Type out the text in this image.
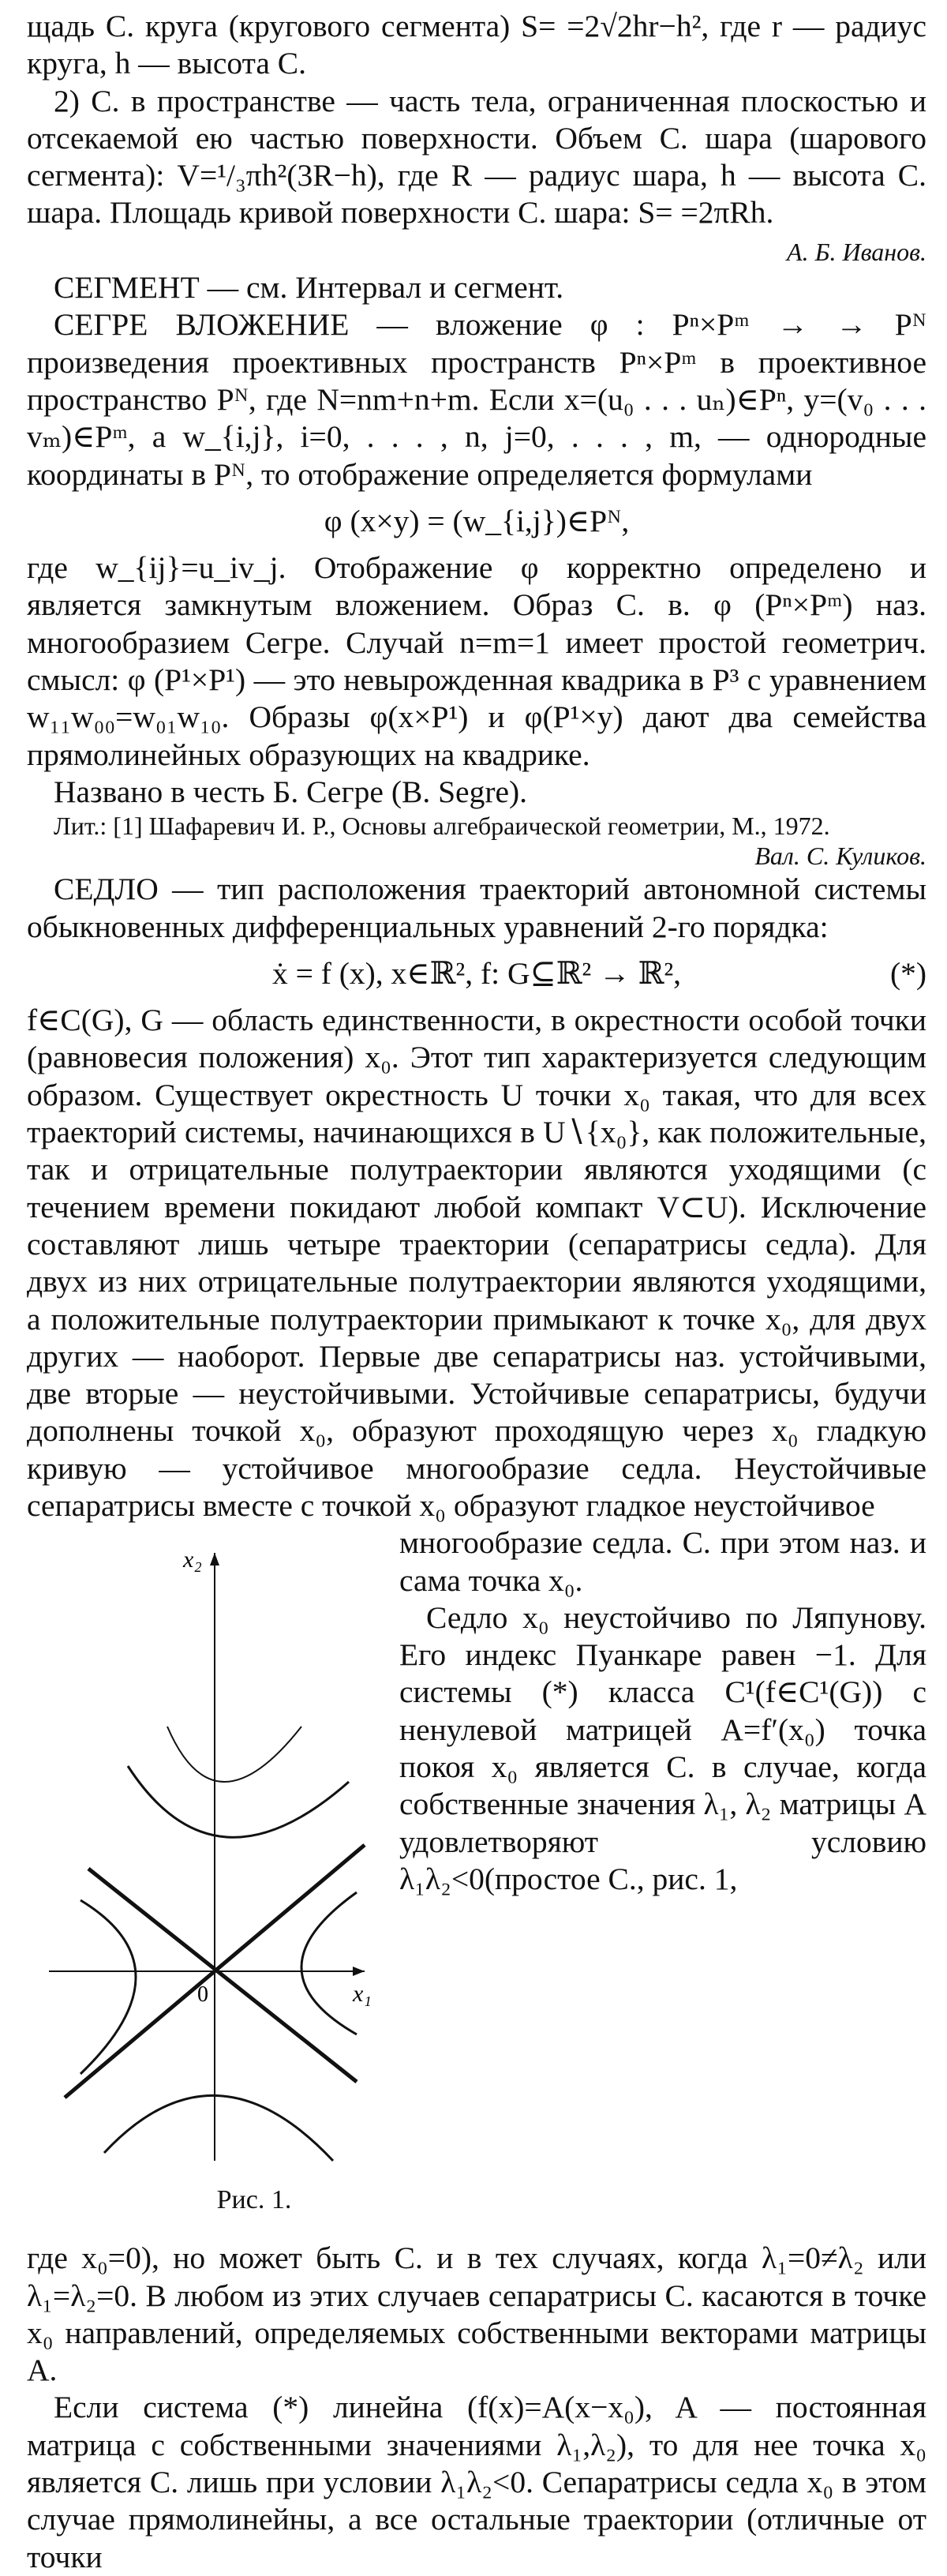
щадь С. круга (кругового сегмента) S= =2√2hr−h², где r — радиус круга, h — высота С.

2) С. в пространстве — часть тела, ограниченная плоскостью и отсекаемой ею частью поверхности. Объем С. шара (шарового сегмента): V=¹/₃πh²(3R−h), где R — радиус шара, h — высота С. шара. Площадь кривой поверхности С. шара: S= =2πRh.

А. Б. Иванов.

СЕГМЕНТ — см. Интервал и сегмент.

СЕГРЕ ВЛОЖЕНИЕ — вложение φ : Pⁿ×Pᵐ → → Pᴺ произведения проективных пространств Pⁿ×Pᵐ в проективное пространство Pᴺ, где N=nm+n+m. Если x=(u₀ . . . uₙ)∈Pⁿ, y=(v₀ . . . vₘ)∈Pᵐ, а w_{i,j}, i=0, . . . , n, j=0, . . . , m, — однородные координаты в Pᴺ, то отображение определяется формулами

φ (x×y) = (w_{i,j})∈Pᴺ,

где w_{ij}=u_iv_j. Отображение φ корректно определено и является замкнутым вложением. Образ С. в. φ (Pⁿ×Pᵐ) наз. многообразием Сегре. Случай n=m=1 имеет простой геометрич. смысл: φ (P¹×P¹) — это невырожденная квадрика в P³ с уравнением w₁₁w₀₀=w₀₁w₁₀. Образы φ(x×P¹) и φ(P¹×y) дают два семейства прямолинейных образующих на квадрике.

Названо в честь Б. Сегре (B. Segre).

Лит.: [1] Шафаревич И. Р., Основы алгебраической геометрии, М., 1972.
Вал. С. Куликов.

СЕДЛО — тип расположения траекторий автономной системы обыкновенных дифференциальных уравнений 2-го порядка:

ẋ = f (x), x∈ℝ², f: G⊆ℝ² → ℝ²,	(*)

f∈C(G), G — область единственности, в окрестности особой точки (равновесия положения) x₀. Этот тип характеризуется следующим образом. Существует окрестность U точки x₀ такая, что для всех траекторий системы, начинающихся в U∖{x₀}, как положительные, так и отрицательные полутраектории являются уходящими (с течением времени покидают любой компакт V⊂U). Исключение составляют лишь четыре траектории (сепаратрисы седла). Для двух из них отрицательные полутраектории являются уходящими, а положительные полутраектории примыкают к точке x₀, для двух других — наоборот. Первые две сепаратрисы наз. устойчивыми, две вторые — неустойчивыми. Устойчивые сепаратрисы, будучи дополнены точкой x₀, образуют проходящую через x₀ гладкую кривую — устойчивое многообразие седла. Неустойчивые сепаратрисы вместе с точкой x₀ образуют гладкое неустойчивое

x₁
x₂
0
Рис. 1.

многообразие седла. С. при этом наз. и сама точка x₀.

Седло x₀ неустойчиво по Ляпунову. Его индекс Пуанкаре равен −1. Для системы (*) класса C¹(f∈C¹(G)) с ненулевой матрицей A=f′(x₀) точка покоя x₀ является С. в случае, когда собственные значения λ₁, λ₂ матрицы A удовлетворяют условию λ₁λ₂<0(простое С., рис. 1,

где x₀=0), но может быть С. и в тех случаях, когда λ₁=0≠λ₂ или λ₁=λ₂=0. В любом из этих случаев сепаратрисы С. касаются в точке x₀ направлений, определяемых собственными векторами матрицы A.

Если система (*) линейна (f(x)=A(x−x₀), A — постоянная матрица с собственными значениями λ₁,λ₂), то для нее точка x₀ является С. лишь при условии λ₁λ₂<0. Сепаратрисы седла x₀ в этом случае прямолинейны, а все остальные траектории (отличные от точки
